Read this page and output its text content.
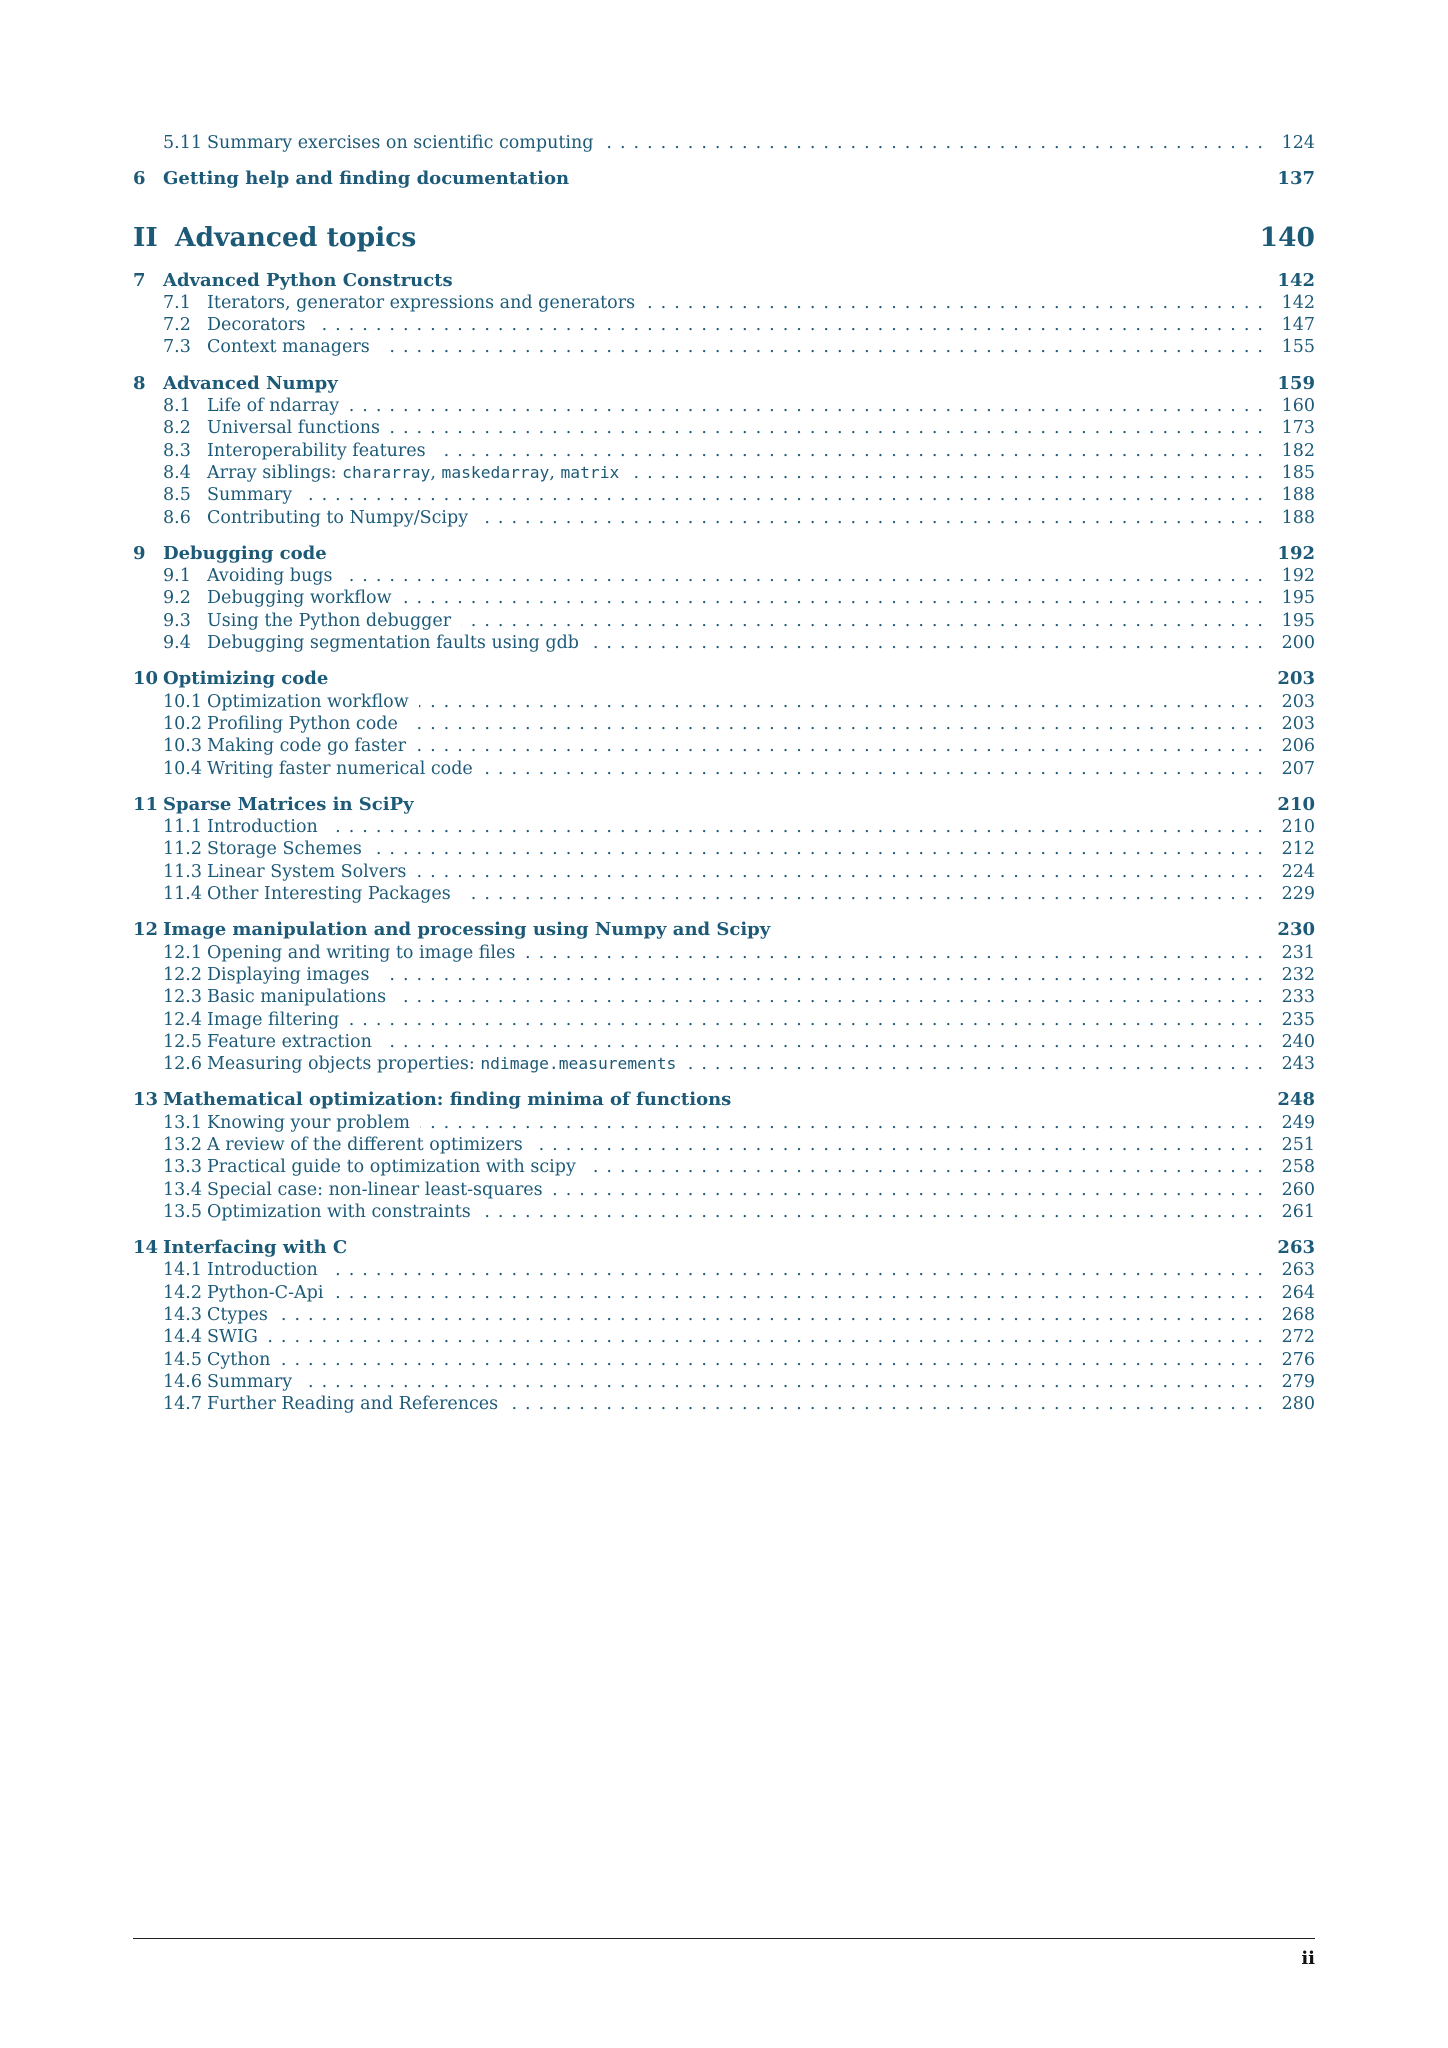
5.11 Summary exercises on scientific computing .....	124
6 Getting help and finding documentation	137
II Advanced topics	140
7 Advanced Python Constructs	142
7.1 Iterators, generator expressions and generators .....	142
7.2 Decorators .....	147
7.3 Context managers .....	155
8 Advanced Numpy	159
8.1 Life of ndarray .....	160
8.2 Universal functions .....	173
8.3 Interoperability features .....	182
8.4 Array siblings: chararray, maskedarray, matrix .....	185
8.5 Summary .....	188
8.6 Contributing to Numpy/Scipy .....	188
9 Debugging code	192
9.1 Avoiding bugs .....	192
9.2 Debugging workflow .....	195
9.3 Using the Python debugger .....	195
9.4 Debugging segmentation faults using gdb .....	200
10 Optimizing code	203
10.1 Optimization workflow .....	203
10.2 Profiling Python code .....	203
10.3 Making code go faster .....	206
10.4 Writing faster numerical code .....	207
11 Sparse Matrices in SciPy	210
11.1 Introduction .....	210
11.2 Storage Schemes .....	212
11.3 Linear System Solvers .....	224
11.4 Other Interesting Packages .....	229
12 Image manipulation and processing using Numpy and Scipy	230
12.1 Opening and writing to image files .....	231
12.2 Displaying images .....	232
12.3 Basic manipulations .....	233
12.4 Image filtering .....	235
12.5 Feature extraction .....	240
12.6 Measuring objects properties: ndimage.measurements .....	243
13 Mathematical optimization: finding minima of functions	248
13.1 Knowing your problem .....	249
13.2 A review of the different optimizers .....	251
13.3 Practical guide to optimization with scipy .....	258
13.4 Special case: non-linear least-squares .....	260
13.5 Optimization with constraints .....	261
14 Interfacing with C	263
14.1 Introduction .....	263
14.2 Python-C-Api .....	264
14.3 Ctypes .....	268
14.4 SWIG .....	272
14.5 Cython .....	276
14.6 Summary .....	279
14.7 Further Reading and References .....	280
ii
